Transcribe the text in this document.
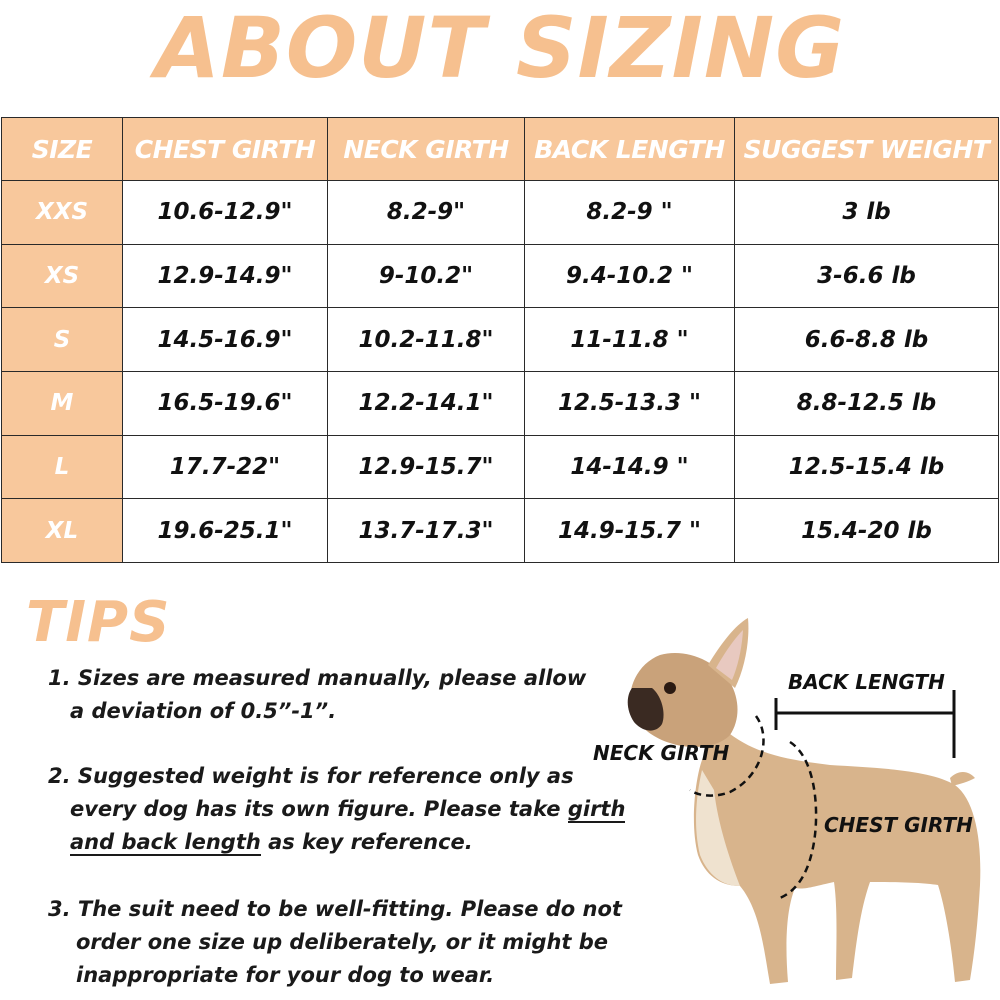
ABOUT SIZING
SIZE	CHEST GIRTH	NECK GIRTH	BACK LENGTH	SUGGEST WEIGHT
XXS	10.6-12.9"	8.2-9"	8.2-9 "	3 lb
XS	12.9-14.9"	9-10.2"	9.4-10.2 "	3-6.6 lb
S	14.5-16.9"	10.2-11.8"	11-11.8 "	6.6-8.8 lb
M	16.5-19.6"	12.2-14.1"	12.5-13.3 "	8.8-12.5 lb
L	17.7-22"	12.9-15.7"	14-14.9 "	12.5-15.4 lb
XL	19.6-25.1"	13.7-17.3"	14.9-15.7 "	15.4-20 lb
TIPS
1. Sizes are measured manually, please allow
a deviation of 0.5”-1”.
2. Suggested weight is for reference only as
every dog has its own figure. Please take girth
and back length as key reference.
3. The suit need to be well-fitting. Please do not
order one size up deliberately, or it might be
inappropriate for your dog to wear.
BACK LENGTH
NECK GIRTH
CHEST GIRTH
